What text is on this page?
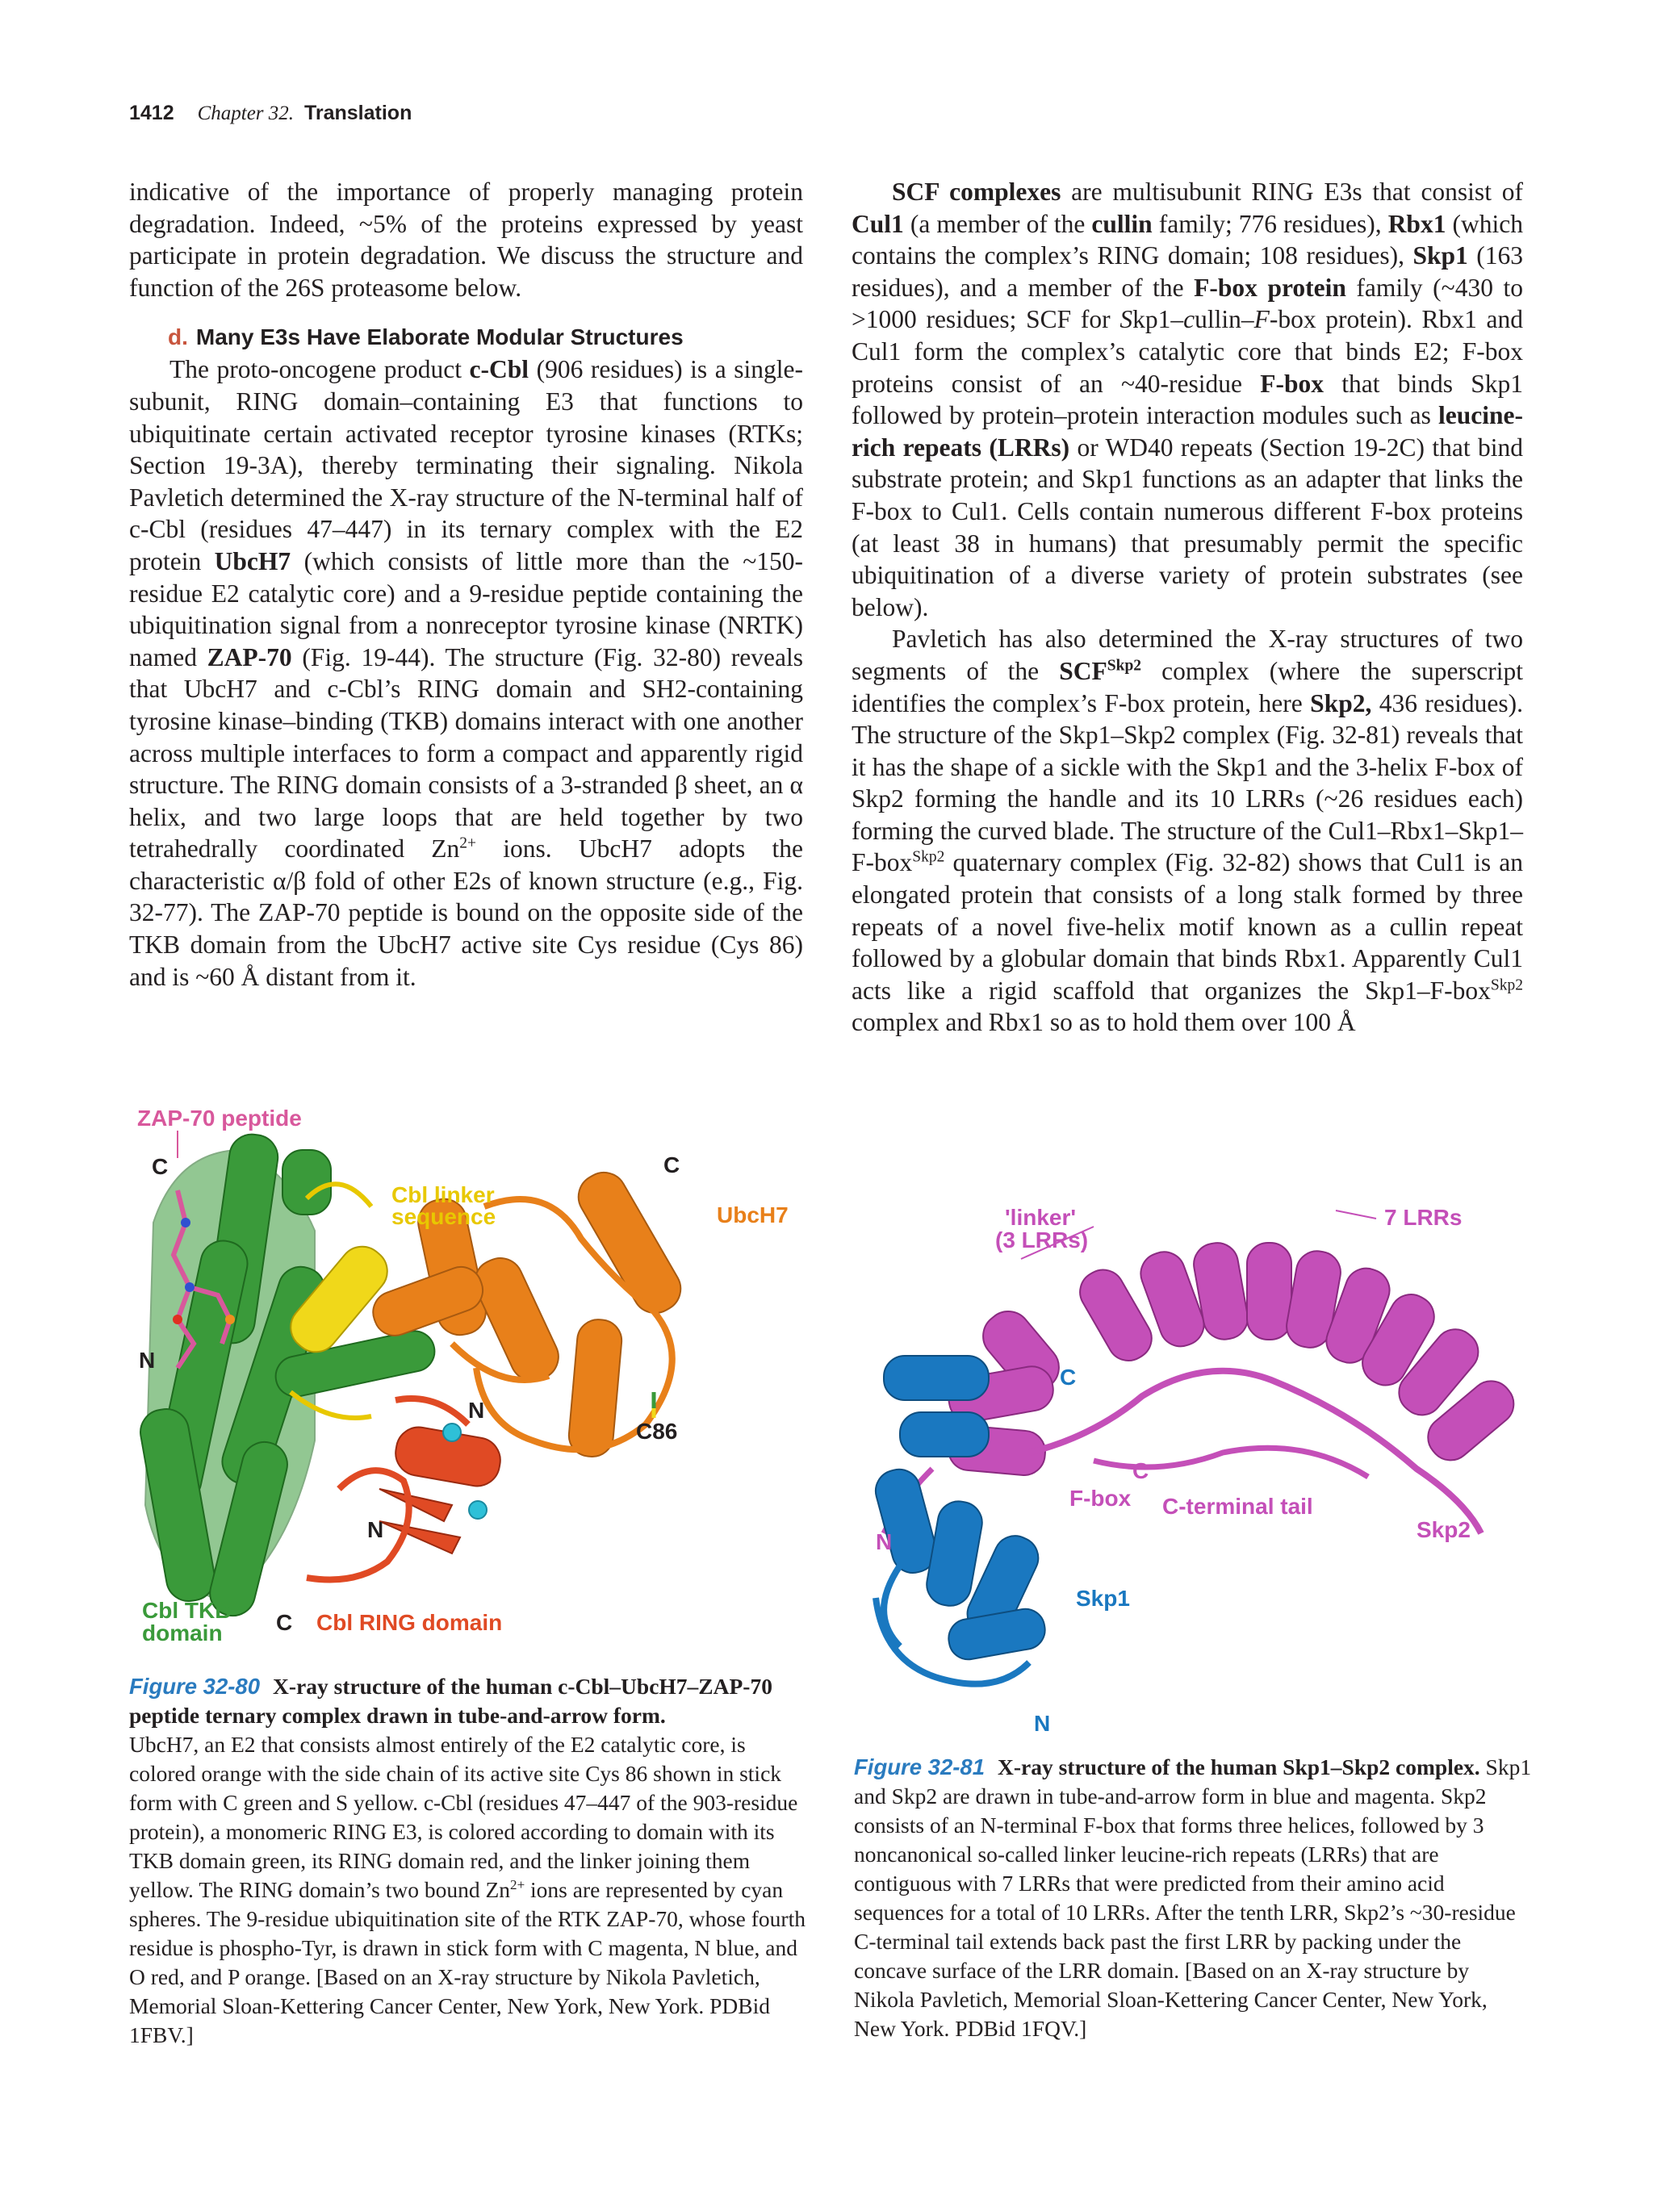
1412 Chapter 32. Translation

indicative of the importance of properly managing protein degradation. Indeed, ~5% of the proteins expressed by yeast participate in protein degradation. We discuss the structure and function of the 26S proteasome below.

d. Many E3s Have Elaborate Modular Structures

The proto-oncogene product c-Cbl (906 residues) is a single-subunit, RING domain–containing E3 that functions to ubiquitinate certain activated receptor tyrosine kinases (RTKs; Section 19-3A), thereby terminating their signaling. Nikola Pavletich determined the X-ray structure of the N-terminal half of c-Cbl (residues 47–447) in its ternary complex with the E2 protein UbcH7 (which consists of little more than the ~150-residue E2 catalytic core) and a 9-residue peptide containing the ubiquitination signal from a nonreceptor tyrosine kinase (NRTK) named ZAP-70 (Fig. 19-44). The structure (Fig. 32-80) reveals that UbcH7 and c-Cbl’s RING domain and SH2-containing tyrosine kinase–binding (TKB) domains interact with one another across multiple interfaces to form a compact and apparently rigid structure. The RING domain consists of a 3-stranded β sheet, an α helix, and two large loops that are held together by two tetrahedrally coordinated $Zn^{2+}$ ions. UbcH7 adopts the characteristic α/β fold of other E2s of known structure (e.g., Fig. 32-77). The ZAP-70 peptide is bound on the opposite side of the TKB domain from the UbcH7 active site Cys residue (Cys 86) and is ~60 Å distant from it.

SCF complexes are multisubunit RING E3s that consist of Cul1 (a member of the cullin family; 776 residues), Rbx1 (which contains the complex’s RING domain; 108 residues), Skp1 (163 residues), and a member of the F-box protein family (~430 to >1000 residues; SCF for Skp1–cullin–F-box protein). Rbx1 and Cul1 form the complex’s catalytic core that binds E2; F-box proteins consist of an ~40-residue F-box that binds Skp1 followed by protein–protein interaction modules such as leucine-rich repeats (LRRs) or WD40 repeats (Section 19-2C) that bind substrate protein; and Skp1 functions as an adapter that links the F-box to Cul1. Cells contain numerous different F-box proteins (at least 38 in humans) that presumably permit the specific ubiquitination of a diverse variety of protein substrates (see below).

Pavletich has also determined the X-ray structures of two segments of the $SCF^{Skp2}$ complex (where the superscript identifies the complex’s F-box protein, here Skp2, 436 residues). The structure of the Skp1–Skp2 complex (Fig. 32-81) reveals that it has the shape of a sickle with the Skp1 and the 3-helix F-box of Skp2 forming the handle and its 10 LRRs (~26 residues each) forming the curved blade. The structure of the Cul1–Rbx1–Skp1–F-box$^{Skp2}$ quaternary complex (Fig. 32-82) shows that Cul1 is an elongated protein that consists of a long stalk formed by three repeats of a novel five-helix motif known as a cullin repeat followed by a globular domain that binds Rbx1. Apparently Cul1 acts like a rigid scaffold that organizes the Skp1–F-box$^{Skp2}$ complex and Rbx1 so as to hold them over 100 Å

ZAP-70 peptide
C
Cbl linker
sequence
C
UbcH7
N
N
C86
N
Cbl TKB
domain C Cbl RING domain
Figure 32-80 X-ray structure of the human c-Cbl–UbcH7–ZAP-70 peptide ternary complex drawn in tube-and-arrow form.
UbcH7, an E2 that consists almost entirely of the E2 catalytic core, is colored orange with the side chain of its active site Cys 86 shown in stick form with C green and S yellow. c-Cbl (residues 47–447 of the 903-residue protein), a monomeric RING E3, is colored according to domain with its TKB domain green, its RING domain red, and the linker joining them yellow. The RING domain’s two bound $Zn^{2+}$ ions are represented by cyan spheres. The 9-residue ubiquitination site of the RTK ZAP-70, whose fourth residue is phospho-Tyr, is drawn in stick form with C magenta, N blue, and O red, and P orange. [Based on an X-ray structure by Nikola Pavletich, Memorial Sloan-Kettering Cancer Center, New York, New York. PDBid 1FBV.]
'linker'
(3 LRRs)
7 LRRs
C
C
F-box C-terminal tail
Skp2
N
Skp1
N
Figure 32-81 X-ray structure of the human Skp1–Skp2 complex. Skp1 and Skp2 are drawn in tube-and-arrow form in blue and magenta. Skp2 consists of an N-terminal F-box that forms three helices, followed by 3 noncanonical so-called linker leucine-rich repeats (LRRs) that are contiguous with 7 LRRs that were predicted from their amino acid sequences for a total of 10 LRRs. After the tenth LRR, Skp2’s ~30-residue C-terminal tail extends back past the first LRR by packing under the concave surface of the LRR domain. [Based on an X-ray structure by Nikola Pavletich, Memorial Sloan-Kettering Cancer Center, New York, New York. PDBid 1FQV.]
